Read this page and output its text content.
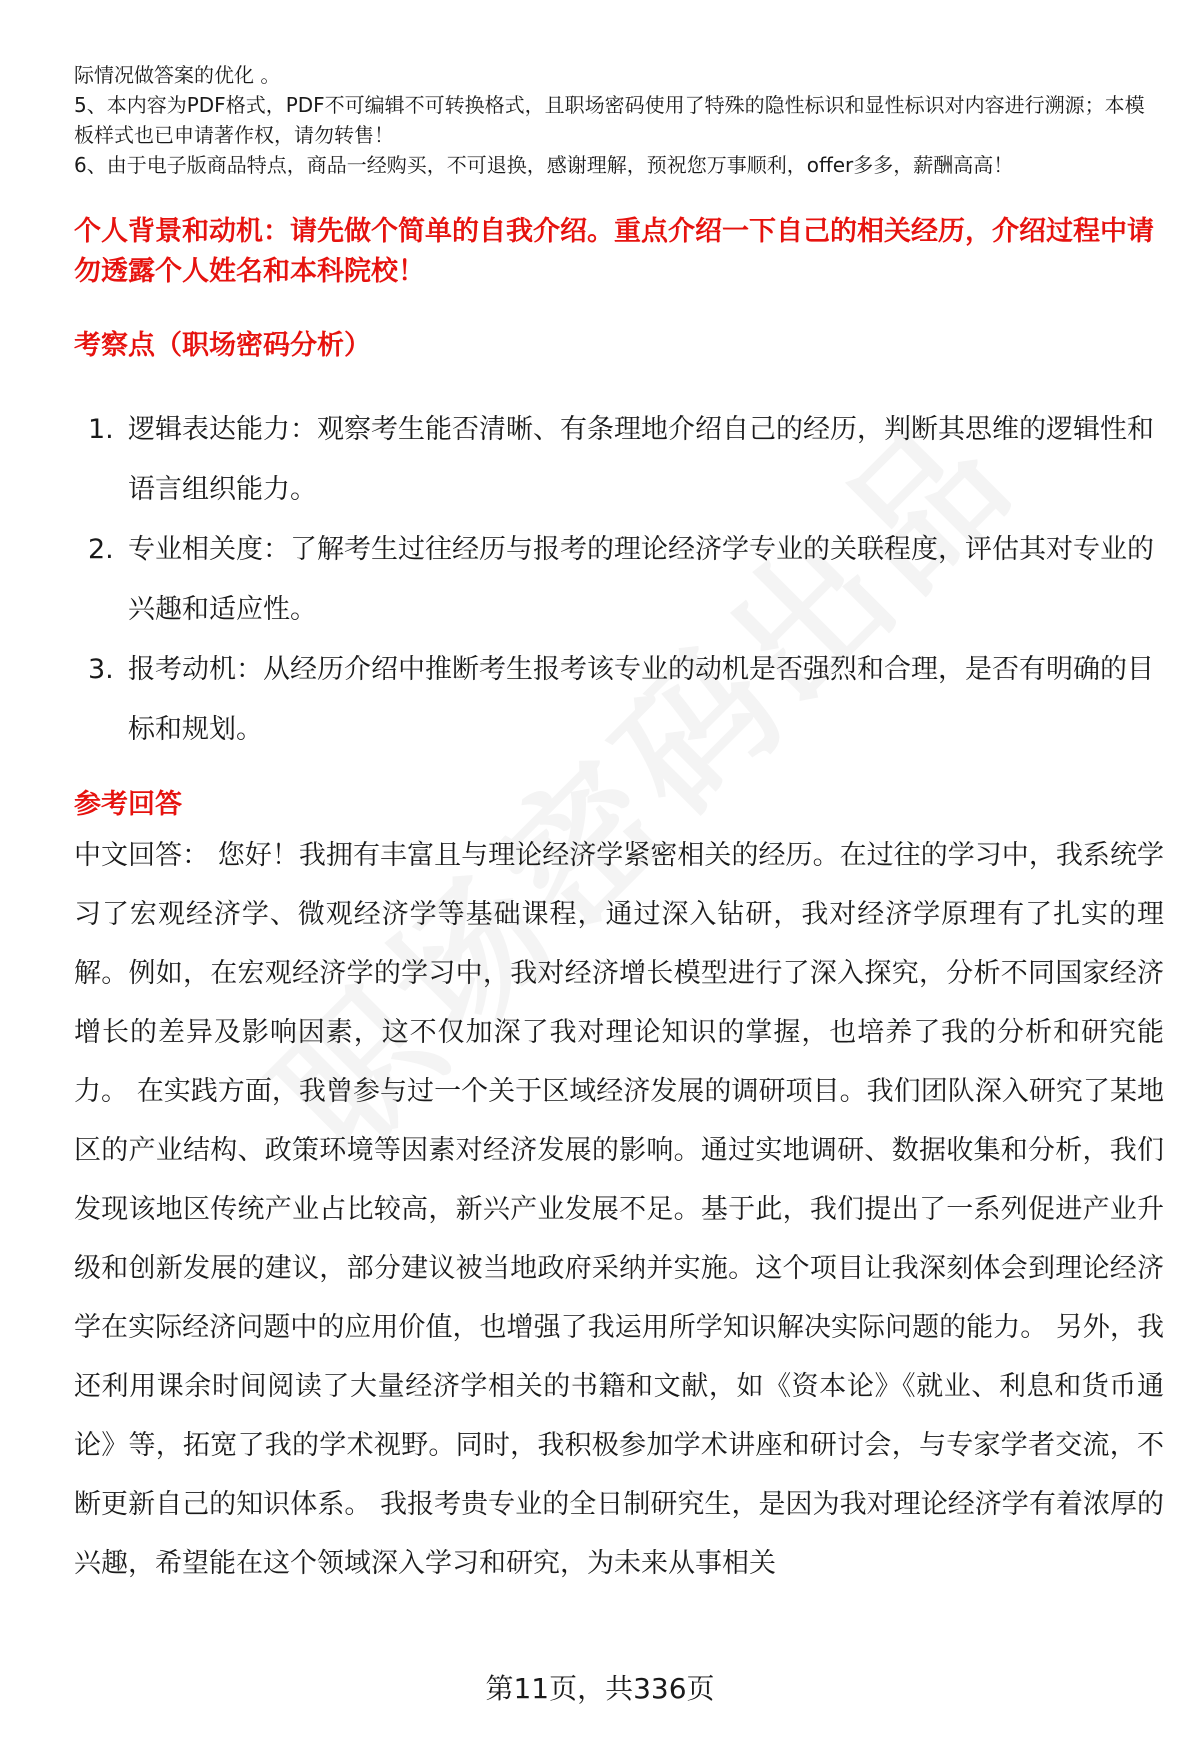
际情况做答案的优化 。

5、本内容为PDF格式，PDF不可编辑不可转换格式，且职场密码使用了特殊的隐性标识和显性标识对内容进行溯源；本模板样式也已申请著作权，请勿转售！

6、由于电子版商品特点，商品一经购买，不可退换，感谢理解，预祝您万事顺利，offer多多，薪酬高高！

个人背景和动机：请先做个简单的自我介绍。重点介绍一下自己的相关经历，介绍过程中请勿透露个人姓名和本科院校！

考察点（职场密码分析）

1. 逻辑表达能力：观察考生能否清晰、有条理地介绍自己的经历，判断其思维的逻辑性和语言组织能力。
2. 专业相关度：了解考生过往经历与报考的理论经济学专业的关联程度，评估其对专业的兴趣和适应性。
3. 报考动机：从经历介绍中推断考生报考该专业的动机是否强烈和合理，是否有明确的目标和规划。

参考回答

中文回答： 您好！我拥有丰富且与理论经济学紧密相关的经历。在过往的学习中，我系统学习了宏观经济学、微观经济学等基础课程，通过深入钻研，我对经济学原理有了扎实的理解。例如，在宏观经济学的学习中，我对经济增长模型进行了深入探究，分析不同国家经济增长的差异及影响因素，这不仅加深了我对理论知识的掌握，也培养了我的分析和研究能力。 在实践方面，我曾参与过一个关于区域经济发展的调研项目。我们团队深入研究了某地区的产业结构、政策环境等因素对经济发展的影响。通过实地调研、数据收集和分析，我们发现该地区传统产业占比较高，新兴产业发展不足。基于此，我们提出了一系列促进产业升级和创新发展的建议，部分建议被当地政府采纳并实施。这个项目让我深刻体会到理论经济学在实际经济问题中的应用价值，也增强了我运用所学知识解决实际问题的能力。 另外，我还利用课余时间阅读了大量经济学相关的书籍和文献，如《资本论》《就业、利息和货币通论》等，拓宽了我的学术视野。同时，我积极参加学术讲座和研讨会，与专家学者交流，不断更新自己的知识体系。 我报考贵专业的全日制研究生，是因为我对理论经济学有着浓厚的兴趣，希望能在这个领域深入学习和研究，为未来从事相关

第11页，共336页
